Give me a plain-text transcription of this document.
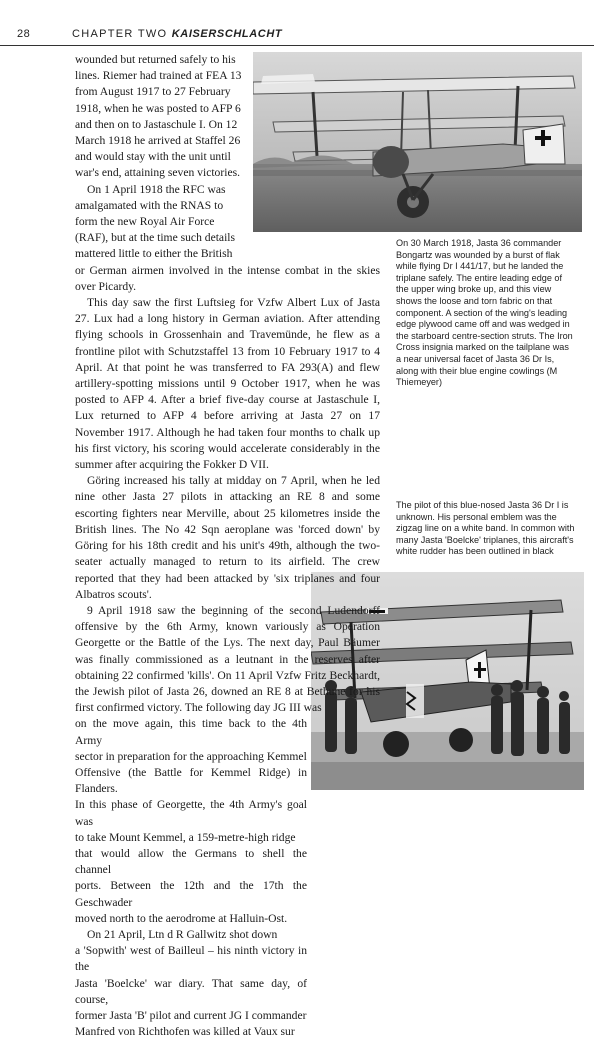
28	CHAPTER TWO KAISERSCHLACHT
On 30 March 1918, Jasta 36 commander Bongartz was wounded by a burst of flak while flying Dr I 441/17, but he landed the triplane safely. The entire leading edge of the upper wing broke up, and this view shows the loose and torn fabric on that component. A section of the wing's leading edge plywood came off and was wedged in the starboard centre-section struts. The Iron Cross insignia marked on the tailplane was a near universal facet of Jasta 36 Dr Is, along with their blue engine cowlings (M Thiemeyer)
The pilot of this blue-nosed Jasta 36 Dr I is unknown. His personal emblem was the zigzag line on a white band. In common with many Jasta 'Boelcke' triplanes, this aircraft's white rudder has been outlined in black
wounded but returned safely to his
lines. Riemer had trained at FEA 13
from August 1917 to 27 February
1918, when he was posted to AFP 6
and then on to Jastaschule I. On 12
March 1918 he arrived at Staffel 26
and would stay with the unit until
war's end, attaining seven victories.
On 1 April 1918 the RFC was
amalgamated with the RNAS to
form the new Royal Air Force
(RAF), but at the time such details
mattered little to either the British

or German airmen involved in the intense combat in the skies over Picardy.

This day saw the first Luftsieg for Vzfw Albert Lux of Jasta 27. Lux had a long history in German aviation. After attending flying schools in Grossenhain and Travemünde, he flew as a frontline pilot with Schutzstaffel 13 from 10 February 1917 to 4 April. At that point he was transferred to FA 293(A) and flew artillery-spotting missions until 9 October 1917, when he was posted to AFP 4. After a brief five-day course at Jastaschule I, Lux returned to AFP 4 before arriving at Jasta 27 on 17 November 1917. Although he had taken four months to chalk up his first victory, his scoring would accelerate considerably in the summer after acquiring the Fokker D VII.

Göring increased his tally at midday on 7 April, when he led nine other Jasta 27 pilots in attacking an RE 8 and some escorting fighters near Merville, about 25 kilometres inside the British lines. The No 42 Sqn aeroplane was 'forced down' by Göring for his 18th credit and his unit's 49th, although the two-seater actually managed to return to its airfield. The crew reported that they had been attacked by 'six triplanes and four Albatros scouts'.

9 April 1918 saw the beginning of the second Ludendorff offensive by the 6th Army, known variously as Operation Georgette or the Battle of the Lys. The next day, Paul Bäumer was finally commissioned as a leutnant in the reserves after obtaining 22 confirmed 'kills'. On 11 April Vzfw Fritz Beckhardt, the Jewish pilot of Jasta 26, downed an RE 8 at Bethune for his first confirmed victory. The following day JG III was

on the move again, this time back to the 4th Army
sector in preparation for the approaching Kemmel
Offensive (the Battle for Kemmel Ridge) in Flanders.
In this phase of Georgette, the 4th Army's goal was
to take Mount Kemmel, a 159-metre-high ridge
that would allow the Germans to shell the channel
ports. Between the 12th and the 17th the Geschwader
moved north to the aerodrome at Halluin-Ost.
On 21 April, Ltn d R Gallwitz shot down
a 'Sopwith' west of Bailleul – his ninth victory in the
Jasta 'Boelcke' war diary. That same day, of course,
former Jasta 'B' pilot and current JG I commander
Manfred von Richthofen was killed at Vaux sur
